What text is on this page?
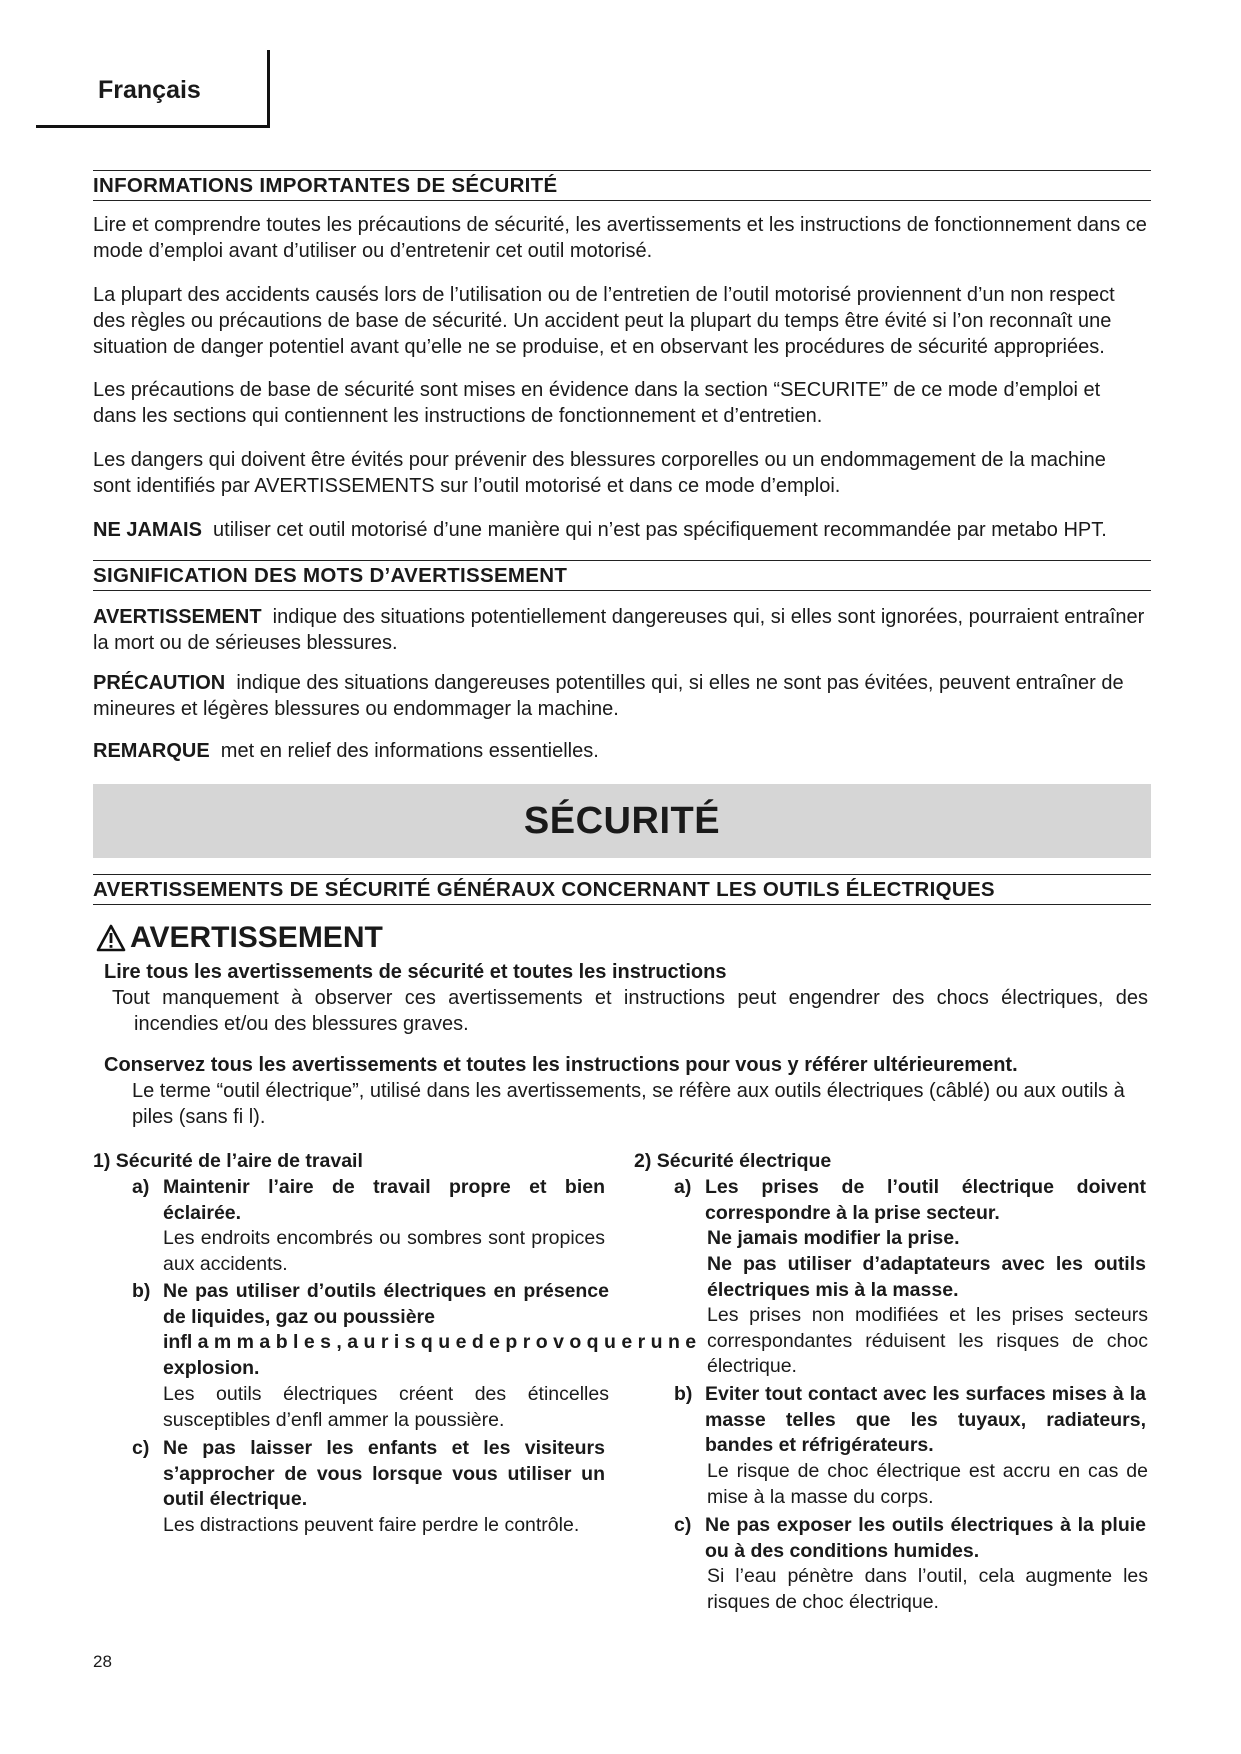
Français
INFORMATIONS IMPORTANTES DE SÉCURITÉ
Lire et comprendre toutes les précautions de sécurité, les avertissements et les instructions de fonctionnement dans ce mode d’emploi avant d’utiliser ou d’entretenir cet outil motorisé.
La plupart des accidents causés lors de l’utilisation ou de l’entretien de l’outil motorisé proviennent d’un non respect des règles ou précautions de base de sécurité. Un accident peut la plupart du temps être évité si l’on reconnaît une situation de danger potentiel avant qu’elle ne se produise, et en observant les procédures de sécurité appropriées.
Les précautions de base de sécurité sont mises en évidence dans la section “SECURITE” de ce mode d’emploi et dans les sections qui contiennent les instructions de fonctionnement et d’entretien.
Les dangers qui doivent être évités pour prévenir des blessures corporelles ou un endommagement de la machine sont identifiés par AVERTISSEMENTS sur l’outil motorisé et dans ce mode d’emploi.
NE JAMAIS utiliser cet outil motorisé d’une manière qui n’est pas spécifiquement recommandée par metabo HPT.
SIGNIFICATION DES MOTS D’AVERTISSEMENT
AVERTISSEMENT indique des situations potentiellement dangereuses qui, si elles sont ignorées, pourraient entraîner la mort ou de sérieuses blessures.
PRÉCAUTION indique des situations dangereuses potentilles qui, si elles ne sont pas évitées, peuvent entraîner de mineures et légères blessures ou endommager la machine.
REMARQUE met en relief des informations essentielles.
SÉCURITÉ
AVERTISSEMENTS DE SÉCURITÉ GÉNÉRAUX CONCERNANT LES OUTILS ÉLECTRIQUES
AVERTISSEMENT
Lire tous les avertissements de sécurité et toutes les instructions
Tout manquement à observer ces avertissements et instructions peut engendrer des chocs électriques, des incendies et/ou des blessures graves.
Conservez tous les avertissements et toutes les instructions pour vous y référer ultérieurement.
Le terme “outil électrique”, utilisé dans les avertissements, se réfère aux outils électriques (câblé) ou aux outils à piles (sans fi l).
1) Sécurité de l’aire de travail
a) Maintenir l’aire de travail propre et bien éclairée.
Les endroits encombrés ou sombres sont propices aux accidents.
b) Ne pas utiliser d’outils électriques en présence de liquides, gaz ou poussière
infl a m m a b l e s , a u r i s q u e d e p r o v o q u e r u n e
explosion.
Les outils électriques créent des étincelles susceptibles d’enfl ammer la poussière.
c) Ne pas laisser les enfants et les visiteurs s’approcher de vous lorsque vous utiliser un outil électrique.
Les distractions peuvent faire perdre le contrôle.
2) Sécurité électrique
a) Les prises de l’outil électrique doivent correspondre à la prise secteur.
Ne jamais modifier la prise.
Ne pas utiliser d’adaptateurs avec les outils électriques mis à la masse.
Les prises non modifiées et les prises secteurs correspondantes réduisent les risques de choc électrique.
b) Eviter tout contact avec les surfaces mises à la masse telles que les tuyaux, radiateurs, bandes et réfrigérateurs.
Le risque de choc électrique est accru en cas de mise à la masse du corps.
c) Ne pas exposer les outils électriques à la pluie ou à des conditions humides.
Si l’eau pénètre dans l’outil, cela augmente les risques de choc électrique.
28
